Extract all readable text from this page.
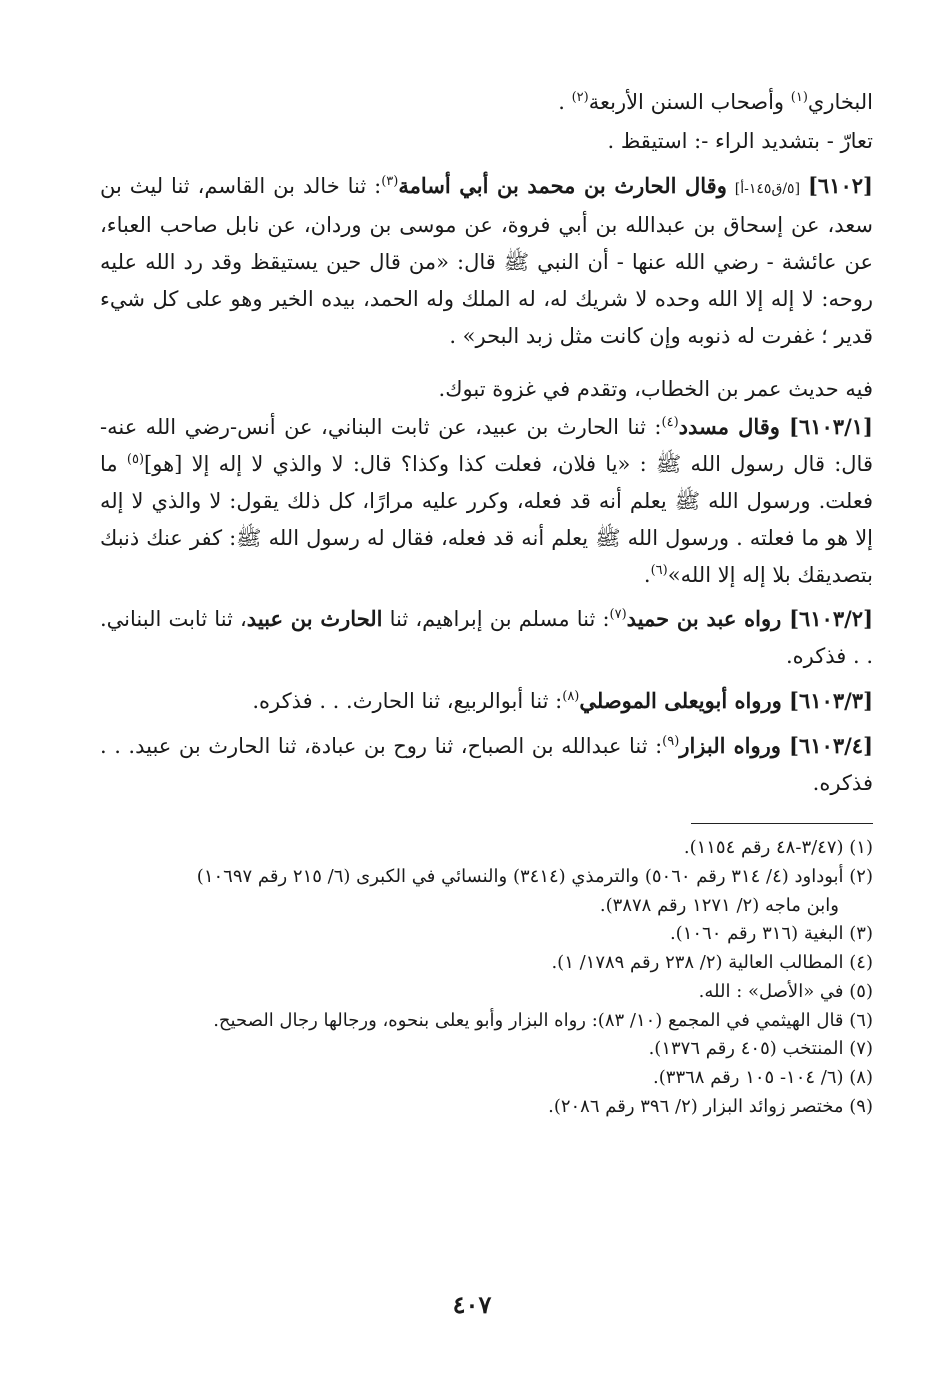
البخاري$^{(١)}$ وأصحاب السنن الأربعة$^{(٢)}$ .

تعارّ - بتشديد الراء -: استيقظ .

[٦١٠٢] [٥/ق١٤٥-أ] وقال الحارث بن محمد بن أبي أسامة$^{(٣)}$: ثنا خالد بن القاسم، ثنا ليث بن سعد، عن إسحاق بن عبدالله بن أبي فروة، عن موسى بن وردان، عن نابل صاحب العباء، عن عائشة - رضي الله عنها - أن النبي ﷺ قال: «من قال حين يستيقظ وقد رد الله عليه روحه: لا إله إلا الله وحده لا شريك له، له الملك وله الحمد، بيده الخير وهو على كل شيء قدير ؛ غفرت له ذنوبه وإن كانت مثل زبد البحر» .

فيه حديث عمر بن الخطاب، وتقدم في غزوة تبوك.

[٦١٠٣/١] وقال مسدد$^{(٤)}$: ثنا الحارث بن عبيد، عن ثابت البناني، عن أنس-رضي الله عنه- قال: قال رسول الله ﷺ : «يا فلان، فعلت كذا وكذا؟ قال: لا والذي لا إله إلا [هو]$^{(٥)}$ ما فعلت. ورسول الله ﷺ يعلم أنه قد فعله، وكرر عليه مرارًا، كل ذلك يقول: لا والذي لا إله إلا هو ما فعلته . ورسول الله ﷺ يعلم أنه قد فعله، فقال له رسول الله ﷺ: كفر عنك ذنبك بتصديقك بلا إله إلا الله»$^{(٦)}$.

[٦١٠٣/٢] رواه عبد بن حميد$^{(٧)}$: ثنا مسلم بن إبراهيم، ثنا الحارث بن عبيد، ثنا ثابت البناني. . . فذكره.

[٦١٠٣/٣] ورواه أبويعلى الموصلي$^{(٨)}$: ثنا أبوالربيع، ثنا الحارث. . . فذكره.

[٦١٠٣/٤] ورواه البزار$^{(٩)}$: ثنا عبدالله بن الصباح، ثنا روح بن عبادة، ثنا الحارث بن عبيد. . . فذكره.

(١) (٣/٤٧-٤٨ رقم ١١٥٤).

(٢) أبوداود (٤/ ٣١٤ رقم ٥٠٦٠) والترمذي (٣٤١٤) والنسائي في الكبرى (٦/ ٢١٥ رقم ١٠٦٩٧)

وابن ماجه (٢/ ١٢٧١ رقم ٣٨٧٨).

(٣) البغية (٣١٦ رقم ١٠٦٠).

(٤) المطالب العالية (٢/ ٢٣٨ رقم ١٧٨٩/ ١).

(٥) في «الأصل» : الله.

(٦) قال الهيثمي في المجمع (١٠/ ٨٣): رواه البزار وأبو يعلى بنحوه، ورجالها رجال الصحيح.

(٧) المنتخب (٤٠٥ رقم ١٣٧٦).

(٨) (٦/ ١٠٤- ١٠٥ رقم ٣٣٦٨).

(٩) مختصر زوائد البزار (٢/ ٣٩٦ رقم ٢٠٨٦).

٤٠٧
